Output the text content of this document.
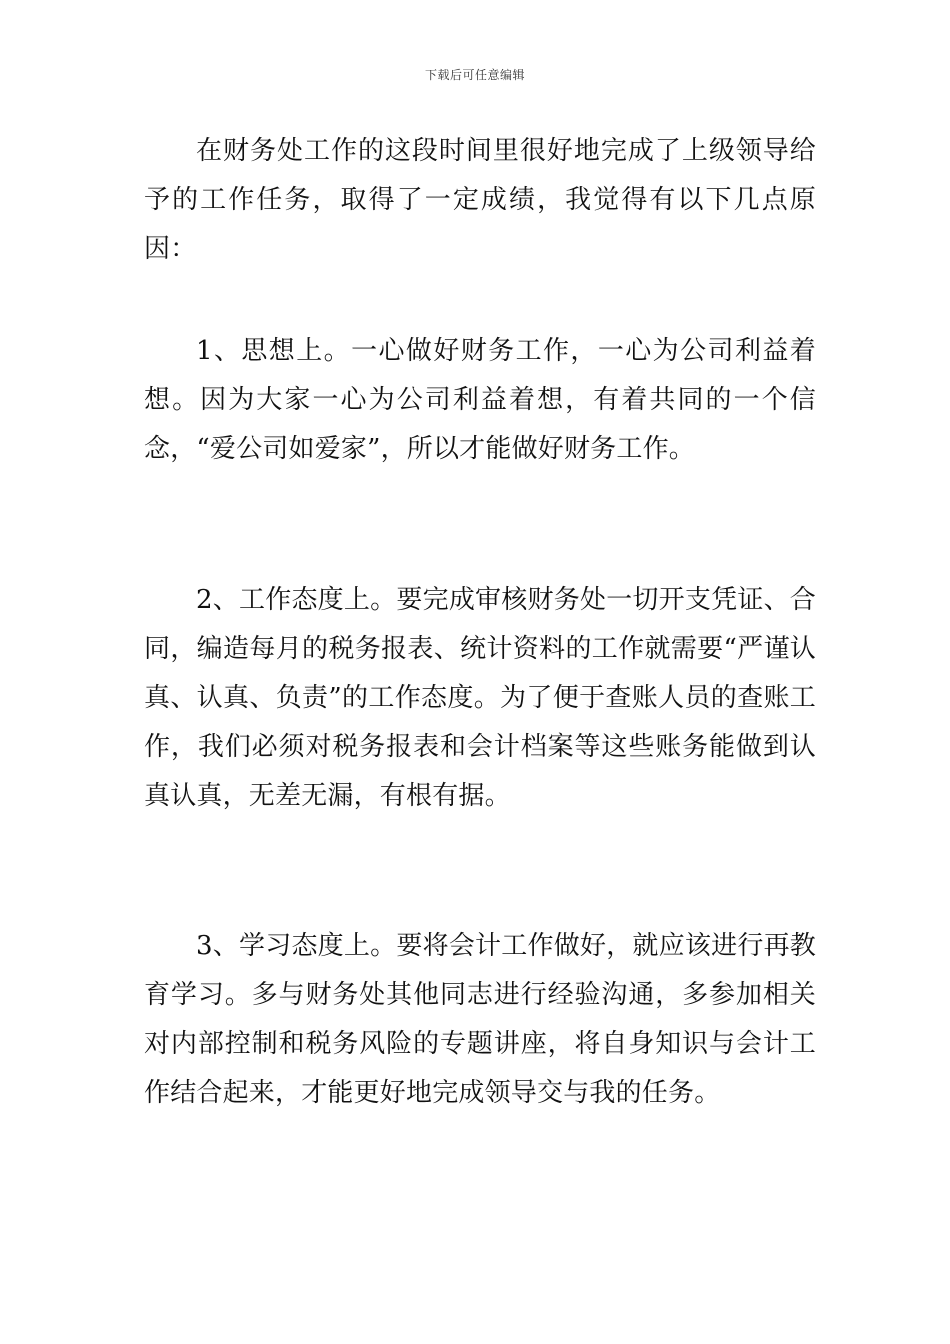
下载后可任意编辑

在财务处工作的这段时间里很好地完成了上级领导给予的工作任务，取得了一定成绩，我觉得有以下几点原因：

1、思想上。一心做好财务工作，一心为公司利益着想。因为大家一心为公司利益着想，有着共同的一个信念，“爱公司如爱家”，所以才能做好财务工作。

2、工作态度上。要完成审核财务处一切开支凭证、合同，编造每月的税务报表、统计资料的工作就需要“严谨认真、认真、负责”的工作态度。为了便于查账人员的查账工作，我们必须对税务报表和会计档案等这些账务能做到认真认真，无差无漏，有根有据。

3、学习态度上。要将会计工作做好，就应该进行再教育学习。多与财务处其他同志进行经验沟通，多参加相关对内部控制和税务风险的专题讲座，将自身知识与会计工作结合起来，才能更好地完成领导交与我的任务。
